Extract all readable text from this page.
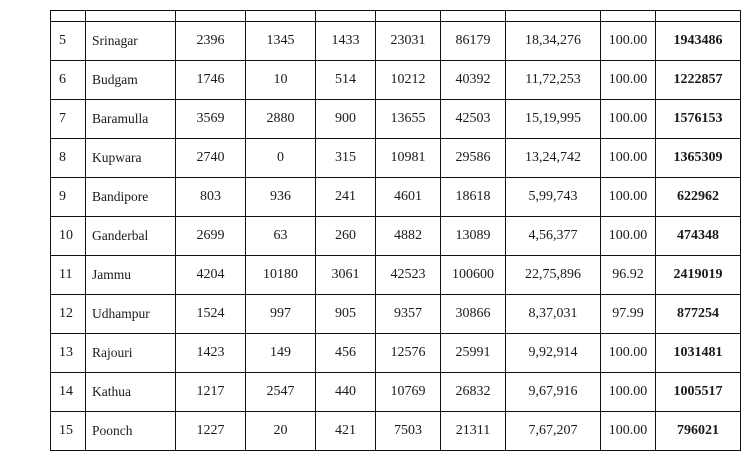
5	Srinagar	2396	1345	1433	23031	86179	18,34,276	100.00	1943486
6	Budgam	1746	10	514	10212	40392	11,72,253	100.00	1222857
7	Baramulla	3569	2880	900	13655	42503	15,19,995	100.00	1576153
8	Kupwara	2740	0	315	10981	29586	13,24,742	100.00	1365309
9	Bandipore	803	936	241	4601	18618	5,99,743	100.00	622962
10	Ganderbal	2699	63	260	4882	13089	4,56,377	100.00	474348
11	Jammu	4204	10180	3061	42523	100600	22,75,896	96.92	2419019
12	Udhampur	1524	997	905	9357	30866	8,37,031	97.99	877254
13	Rajouri	1423	149	456	12576	25991	9,92,914	100.00	1031481
14	Kathua	1217	2547	440	10769	26832	9,67,916	100.00	1005517
15	Poonch	1227	20	421	7503	21311	7,67,207	100.00	796021
